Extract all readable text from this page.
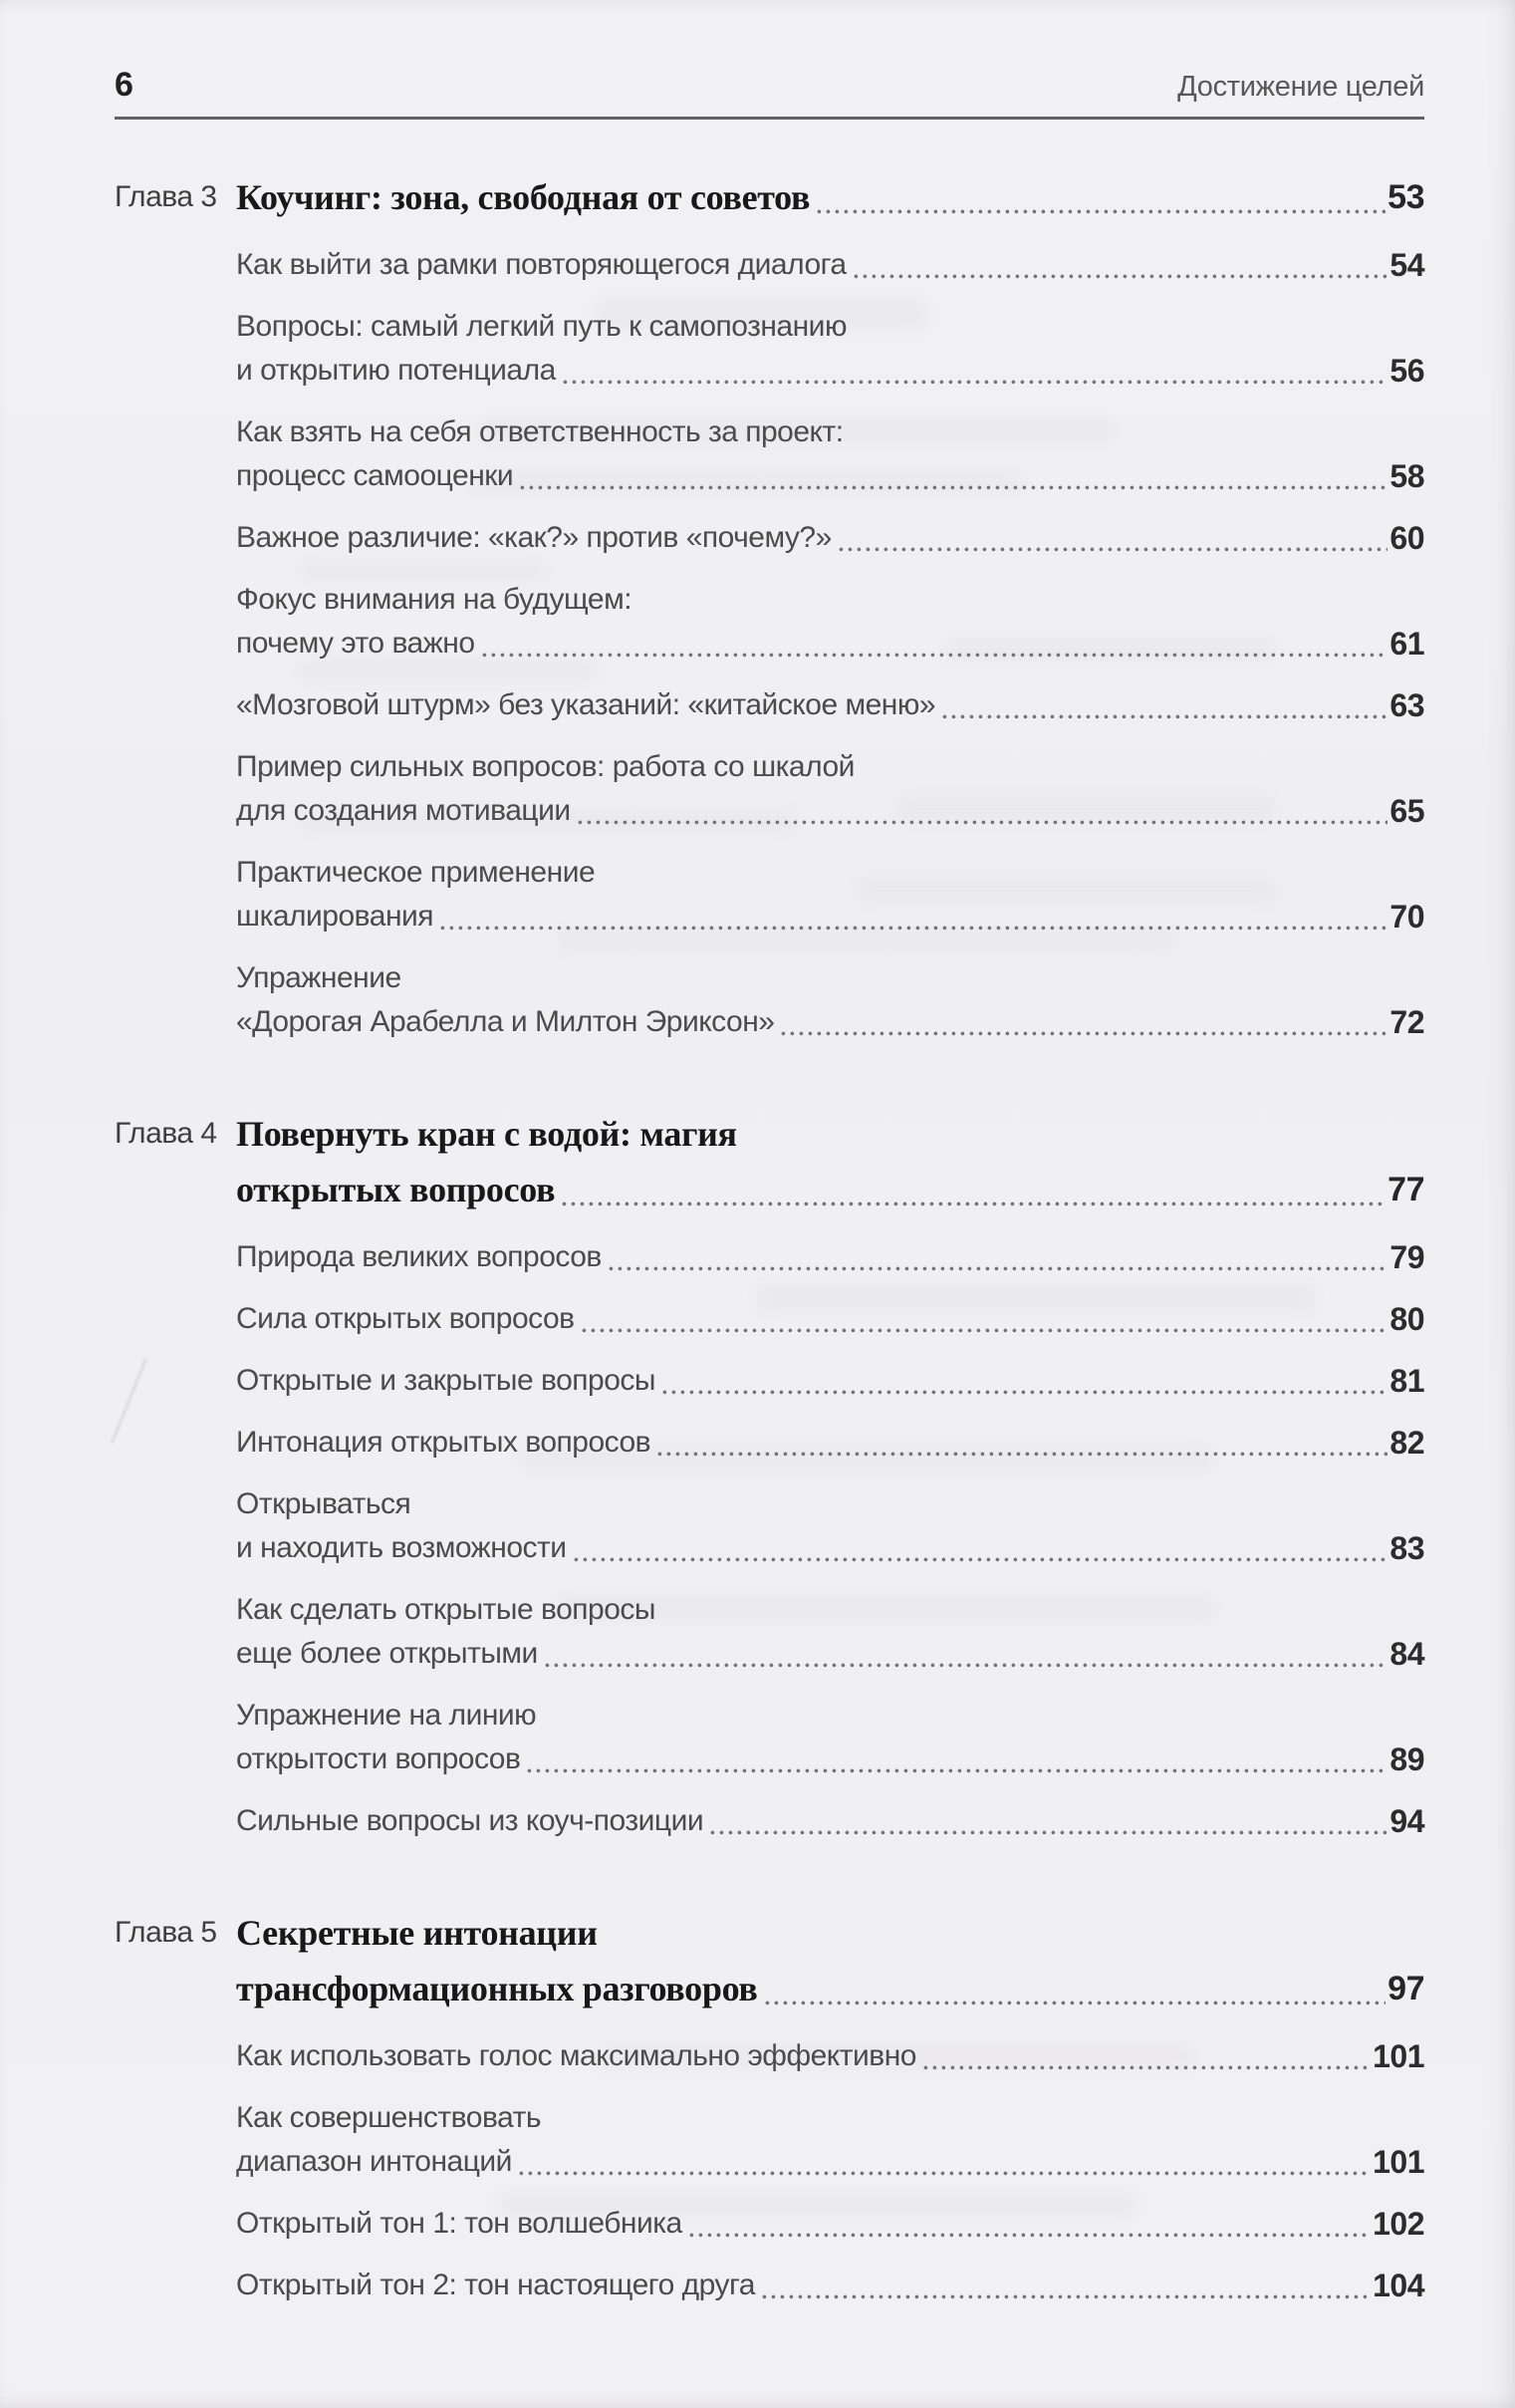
6	Достижение целей
Глава 3 Коучинг: зона, свободная от советов	53
Как выйти за рамки повторяющегося диалога	54
Вопросы: самый легкий путь к самопознанию
и открытию потенциала	56
Как взять на себя ответственность за проект:
процесс самооценки	58
Важное различие: «как?» против «почему?»	60
Фокус внимания на будущем:
почему это важно	61
«Мозговой штурм» без указаний: «китайское меню»	63
Пример сильных вопросов: работа со шкалой
для создания мотивации	65
Практическое применение
шкалирования	70
Упражнение
«Дорогая Арабелла и Милтон Эриксон»	72
Глава 4 Повернуть кран с водой: магия
открытых вопросов	77
Природа великих вопросов	79
Сила открытых вопросов	80
Открытые и закрытые вопросы	81
Интонация открытых вопросов	82
Открываться
и находить возможности	83
Как сделать открытые вопросы
еще более открытыми	84
Упражнение на линию
открытости вопросов	89
Сильные вопросы из коуч-позиции	94
Глава 5 Секретные интонации
трансформационных разговоров	97
Как использовать голос максимально эффективно	101
Как совершенствовать
диапазон интонаций	101
Открытый тон 1: тон волшебника	102
Открытый тон 2: тон настоящего друга	104
